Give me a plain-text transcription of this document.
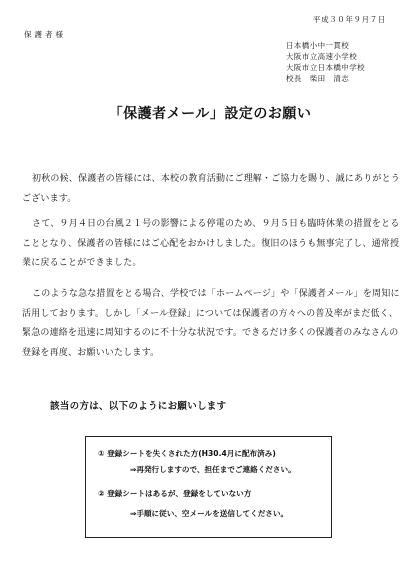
平成３０年９月７日
保護者様
日本橋小中一貫校
大阪市立高速小学校
大阪市立日本橋中学校
校長　柴田　清志
「保護者メール」設定のお願い
初秋の候、保護者の皆様には、本校の教育活動にご理解・ご協力を賜り、誠にありがとうございます。
さて、９月４日の台風２１号の影響による停電のため、９月５日も臨時休業の措置をとることとなり、保護者の皆様にはご心配をおかけしました。復旧のほうも無事完了し、通常授業に戻ることができました。
このような急な措置をとる場合、学校では「ホームページ」や「保護者メール」を周知に活用しております。しかし「メール登録」については保護者の方々への普及率がまだ低く、緊急の連絡を迅速に周知するのに不十分な状況です。できるだけ多くの保護者のみなさんの登録を再度、お願いいたします。
該当の方は、以下のようにお願いします
① 登録シートを失くされた方(H30.4月に配布済み)
⇒再発行しますので、担任までご連絡ください。
② 登録シートはあるが、登録をしていない方
⇒手順に従い、空メールを送信してください。
